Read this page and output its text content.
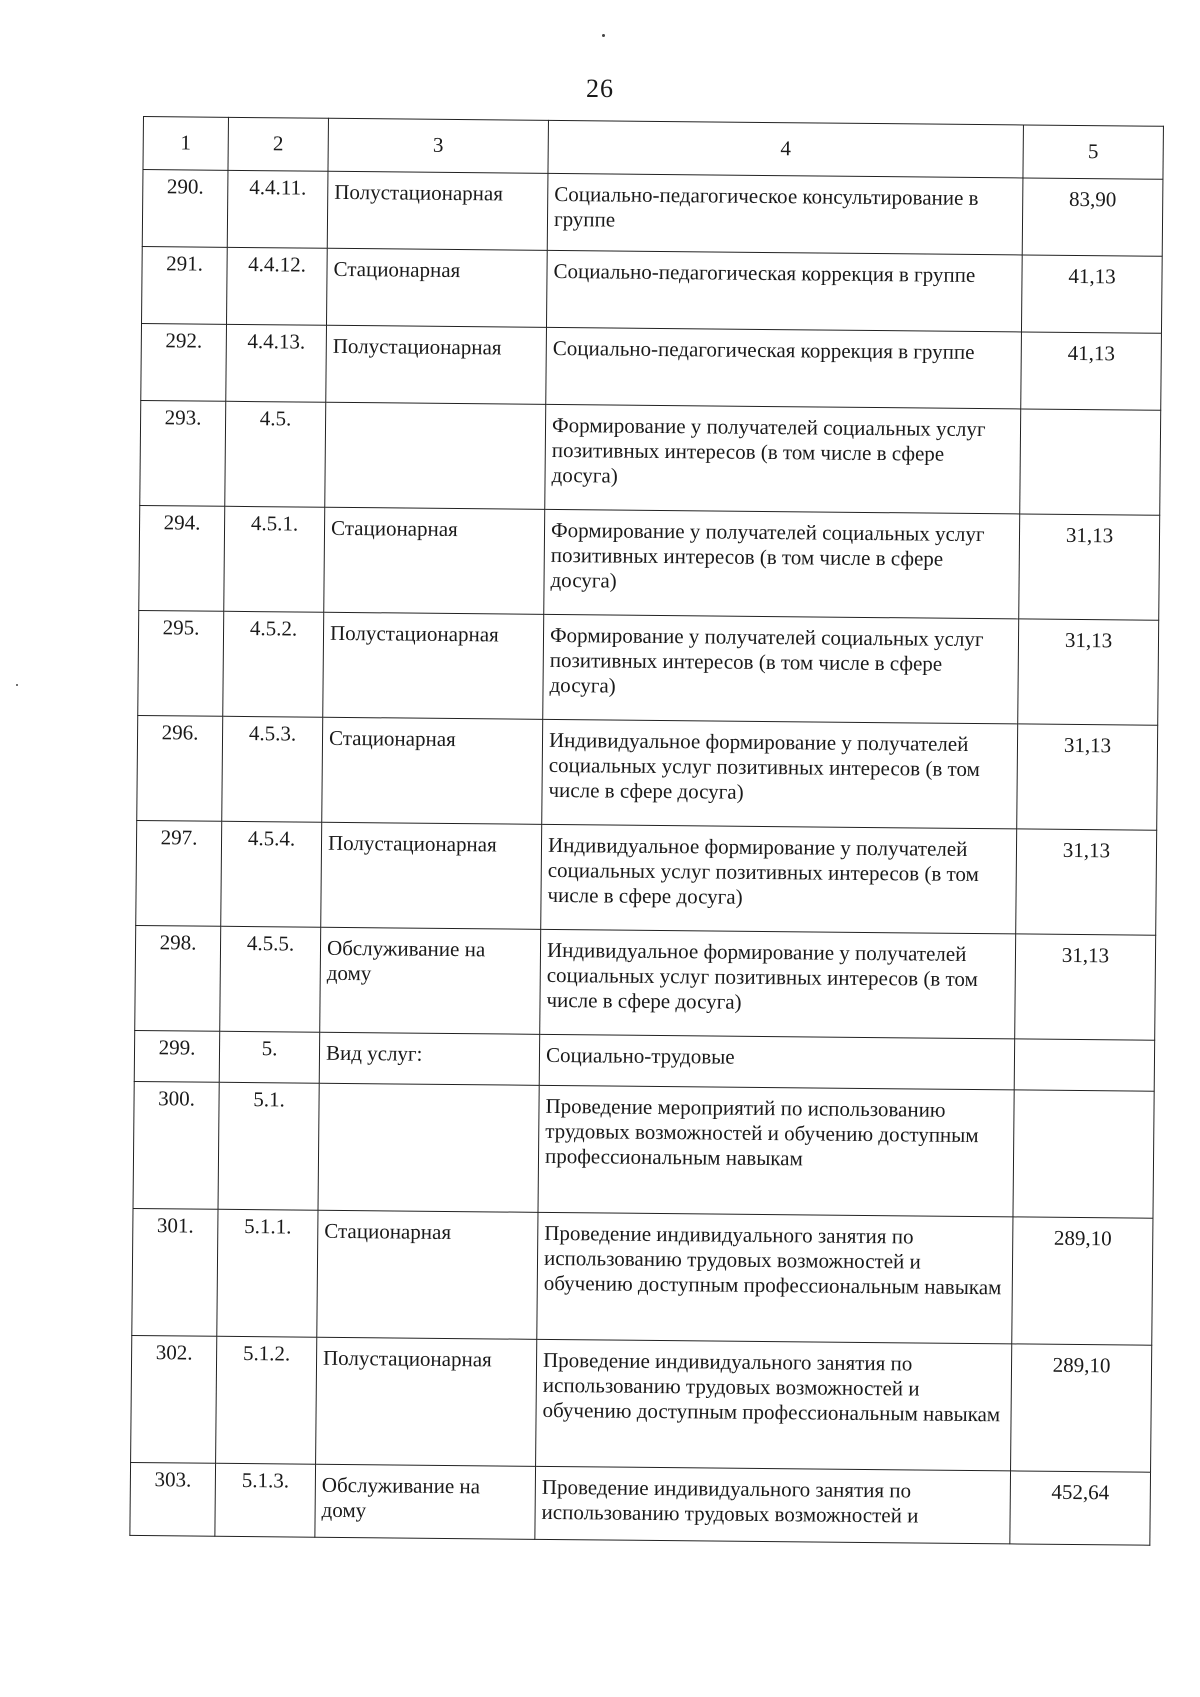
26
1	2	3	4	5
290.	4.4.11.	Полустационарная	Социально-педагогическое консультирование в группе	83,90
291.	4.4.12.	Стационарная	Социально-педагогическая коррекция в группе	41,13
292.	4.4.13.	Полустационарная	Социально-педагогическая коррекция в группе	41,13
293.	4.5.		Формирование у получателей социальных услуг позитивных интересов (в том числе в сфере досуга)	
294.	4.5.1.	Стационарная	Формирование у получателей социальных услуг позитивных интересов (в том числе в сфере досуга)	31,13
295.	4.5.2.	Полустационарная	Формирование у получателей социальных услуг позитивных интересов (в том числе в сфере досуга)	31,13
296.	4.5.3.	Стационарная	Индивидуальное формирование у получателей социальных услуг позитивных интересов (в том числе в сфере досуга)	31,13
297.	4.5.4.	Полустационарная	Индивидуальное формирование у получателей социальных услуг позитивных интересов (в том числе в сфере досуга)	31,13
298.	4.5.5.	Обслуживание на дому	Индивидуальное формирование у получателей социальных услуг позитивных интересов (в том числе в сфере досуга)	31,13
299.	5.	Вид услуг:	Социально-трудовые	
300.	5.1.		Проведение мероприятий по использованию трудовых возможностей и обучению доступным профессиональным навыкам	
301.	5.1.1.	Стационарная	Проведение индивидуального занятия по использованию трудовых возможностей и обучению доступным профессиональным навыкам	289,10
302.	5.1.2.	Полустационарная	Проведение индивидуального занятия по использованию трудовых возможностей и обучению доступным профессиональным навыкам	289,10
303.	5.1.3.	Обслуживание на дому	Проведение индивидуального занятия по использованию трудовых возможностей и	452,64
